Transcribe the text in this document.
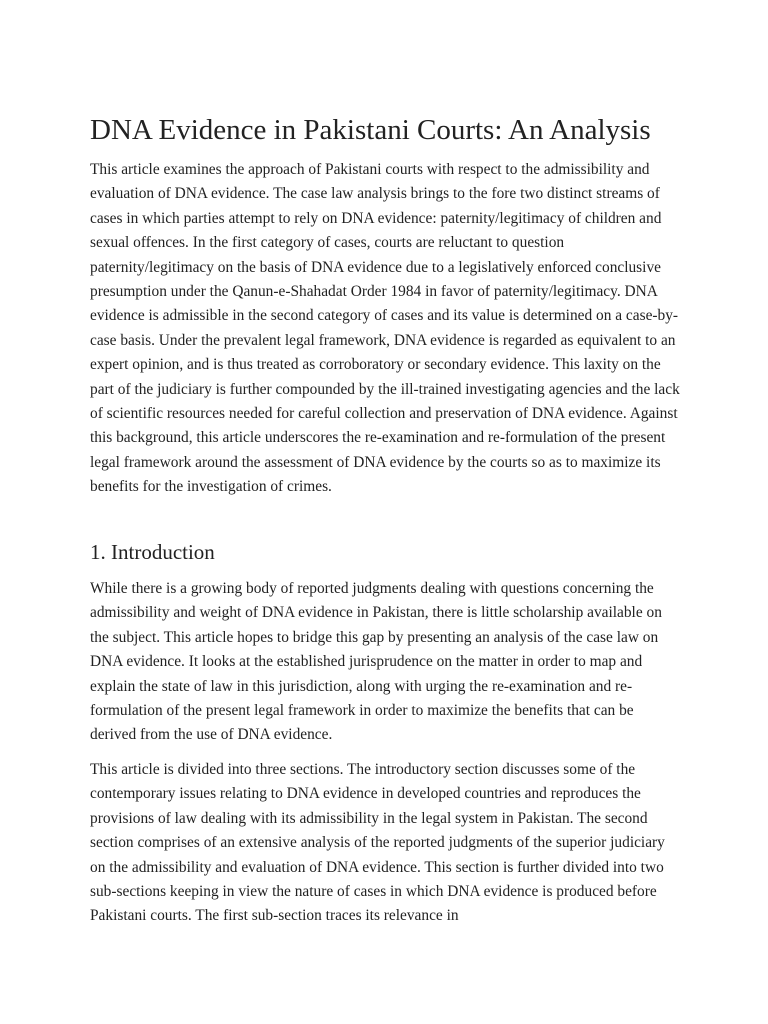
DNA Evidence in Pakistani Courts: An Analysis

This article examines the approach of Pakistani courts with respect to the admissibility and evaluation of DNA evidence. The case law analysis brings to the fore two distinct streams of cases in which parties attempt to rely on DNA evidence: paternity/legitimacy of children and sexual offences. In the first category of cases, courts are reluctant to question paternity/legitimacy on the basis of DNA evidence due to a legislatively enforced conclusive presumption under the Qanun-e-Shahadat Order 1984 in favor of paternity/legitimacy. DNA evidence is admissible in the second category of cases and its value is determined on a case-by-case basis. Under the prevalent legal framework, DNA evidence is regarded as equivalent to an expert opinion, and is thus treated as corroboratory or secondary evidence. This laxity on the part of the judiciary is further compounded by the ill-trained investigating agencies and the lack of scientific resources needed for careful collection and preservation of DNA evidence. Against this background, this article underscores the re-examination and re-formulation of the present legal framework around the assessment of DNA evidence by the courts so as to maximize its benefits for the investigation of crimes.

1. Introduction

While there is a growing body of reported judgments dealing with questions concerning the admissibility and weight of DNA evidence in Pakistan, there is little scholarship available on the subject. This article hopes to bridge this gap by presenting an analysis of the case law on DNA evidence. It looks at the established jurisprudence on the matter in order to map and explain the state of law in this jurisdiction, along with urging the re-examination and re-formulation of the present legal framework in order to maximize the benefits that can be derived from the use of DNA evidence.

This article is divided into three sections. The introductory section discusses some of the contemporary issues relating to DNA evidence in developed countries and reproduces the provisions of law dealing with its admissibility in the legal system in Pakistan. The second section comprises of an extensive analysis of the reported judgments of the superior judiciary on the admissibility and evaluation of DNA evidence. This section is further divided into two sub-sections keeping in view the nature of cases in which DNA evidence is produced before Pakistani courts. The first sub-section traces its relevance in
